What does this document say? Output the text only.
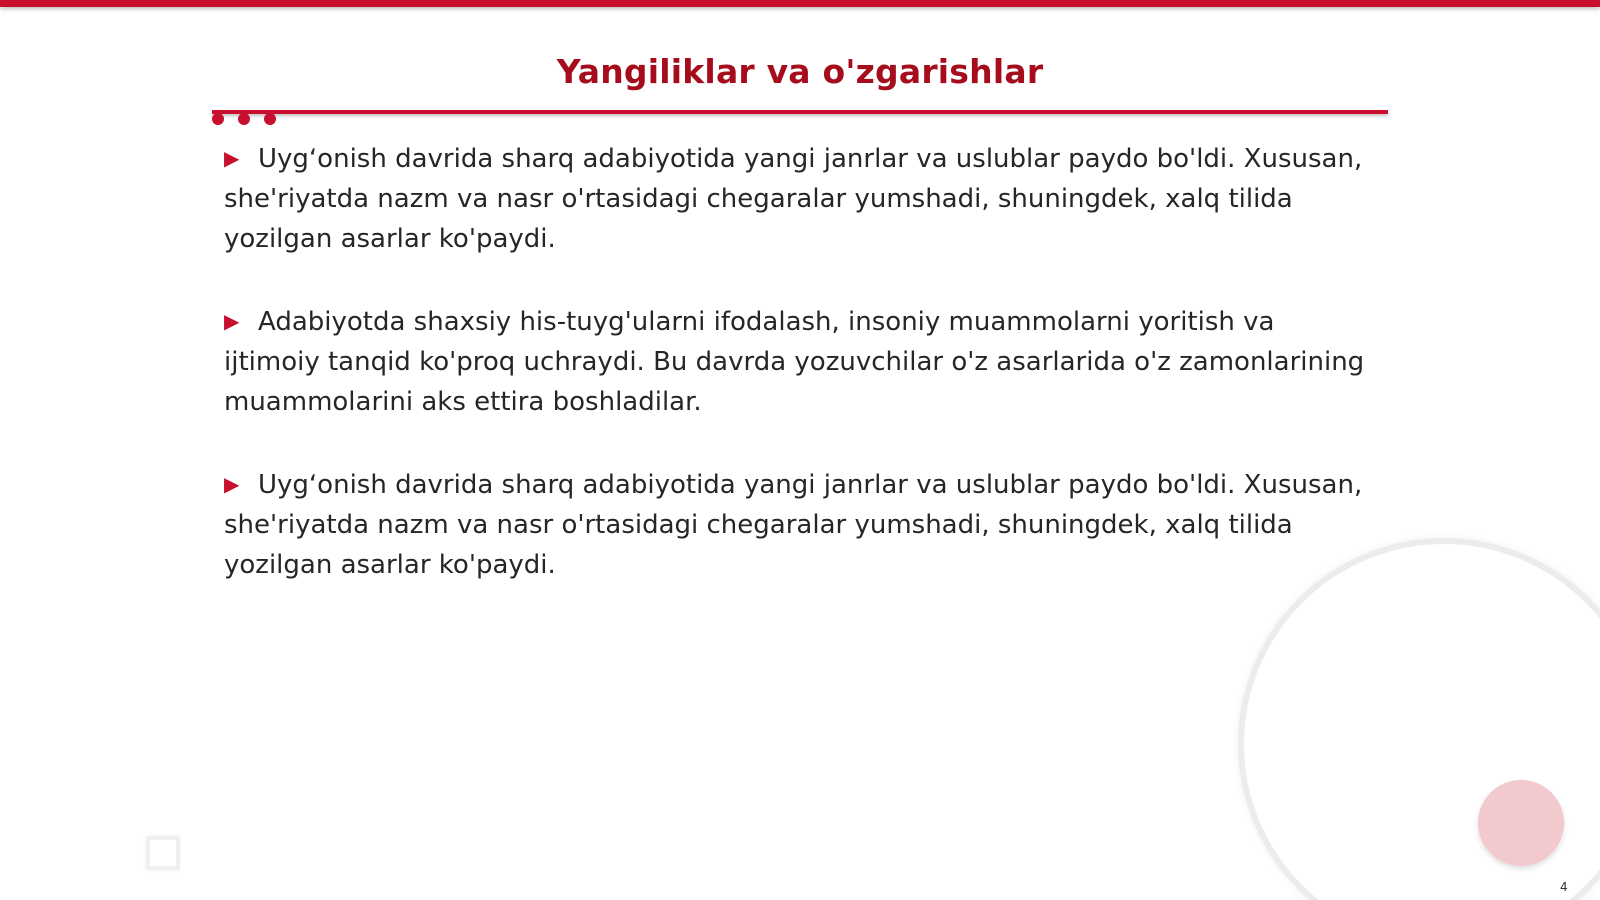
Yangiliklar va o'zgarishlar

▶ Uygʻonish davrida sharq adabiyotida yangi janrlar va uslublar paydo bo'ldi. Xususan, she'riyatda nazm va nasr o'rtasidagi chegaralar yumshadi, shuningdek, xalq tilida yozilgan asarlar ko'paydi.

▶ Adabiyotda shaxsiy his-tuyg'ularni ifodalash, insoniy muammolarni yoritish va ijtimoiy tanqid ko'proq uchraydi. Bu davrda yozuvchilar o'z asarlarida o'z zamonlarining muammolarini aks ettira boshladilar.

▶ Uygʻonish davrida sharq adabiyotida yangi janrlar va uslublar paydo bo'ldi. Xususan, she'riyatda nazm va nasr o'rtasidagi chegaralar yumshadi, shuningdek, xalq tilida yozilgan asarlar ko'paydi.

4
